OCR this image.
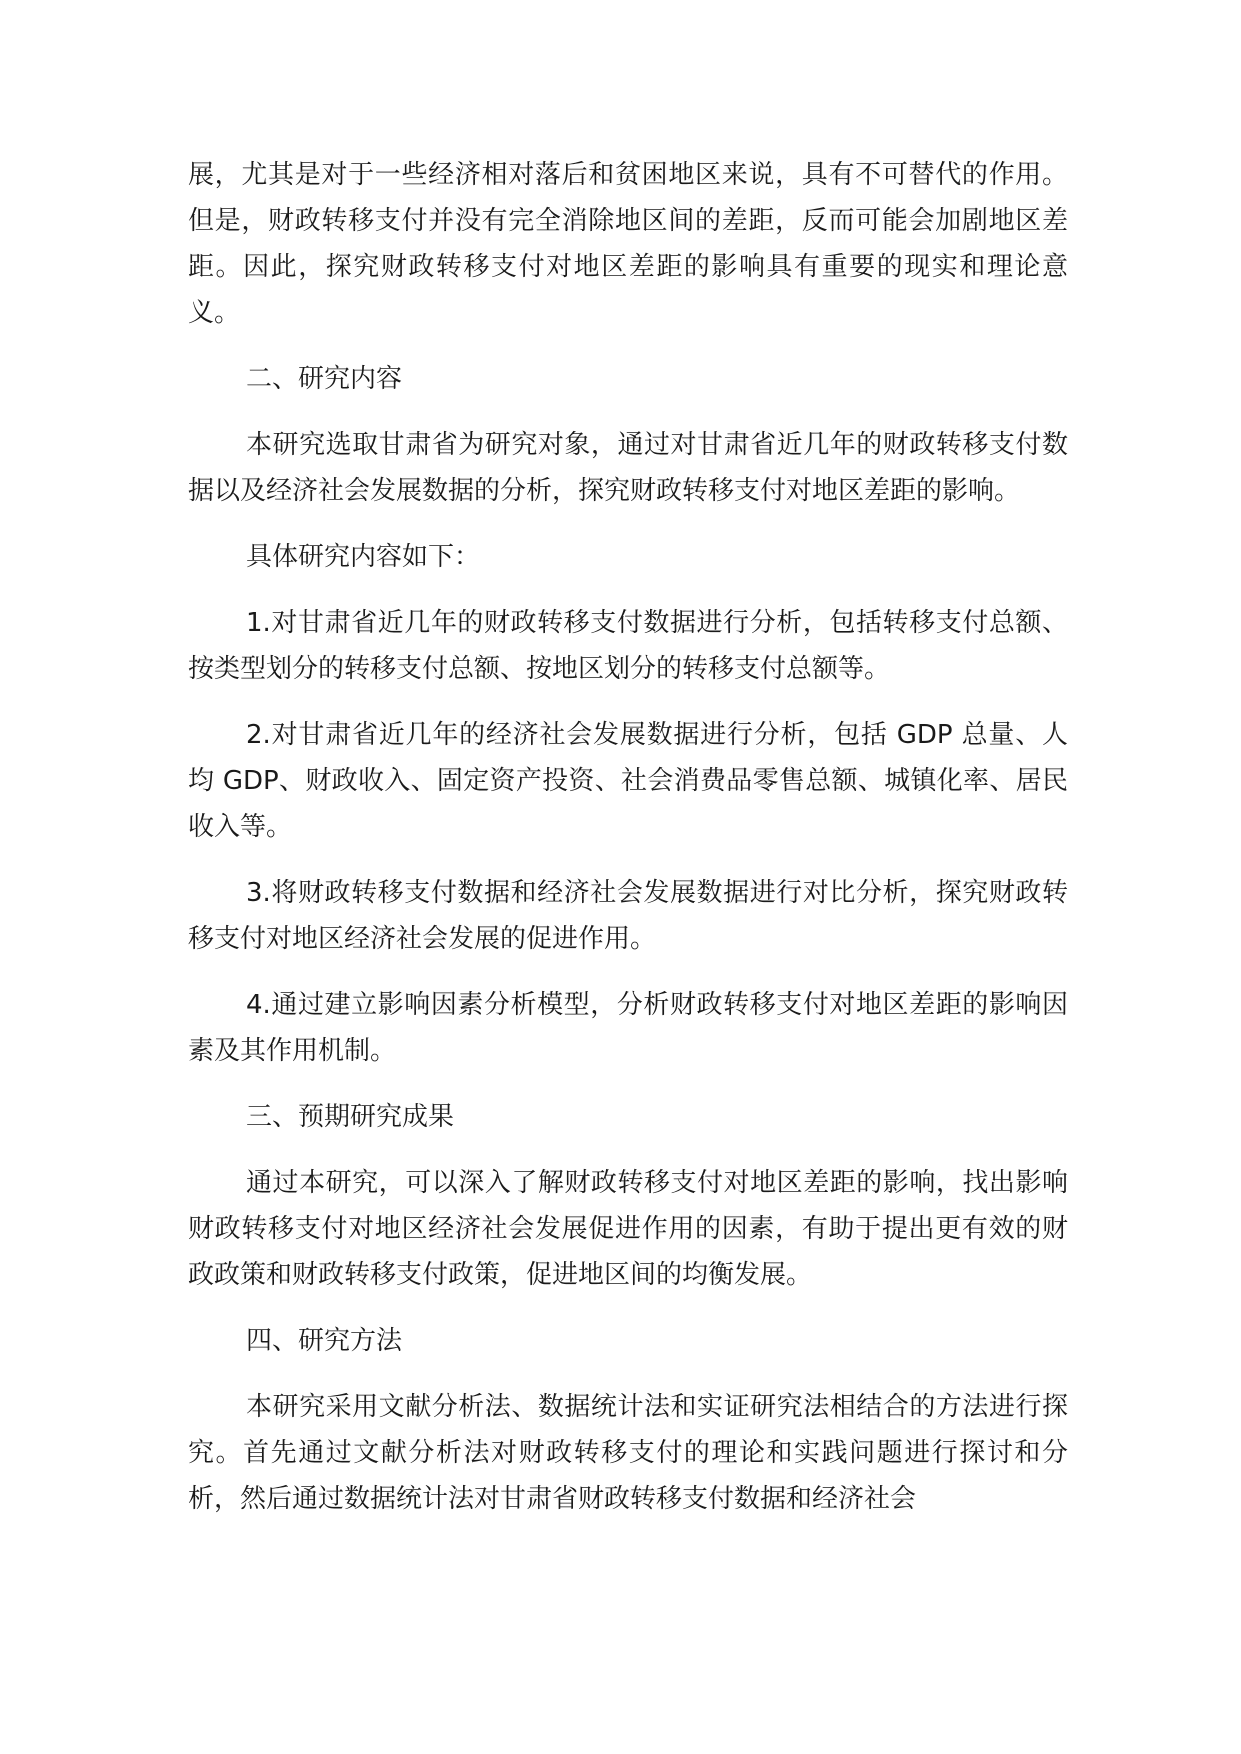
展，尤其是对于一些经济相对落后和贫困地区来说，具有不可替代的作用。但是，财政转移支付并没有完全消除地区间的差距，反而可能会加剧地区差距。因此，探究财政转移支付对地区差距的影响具有重要的现实和理论意义。

二、研究内容

本研究选取甘肃省为研究对象，通过对甘肃省近几年的财政转移支付数据以及经济社会发展数据的分析，探究财政转移支付对地区差距的影响。

具体研究内容如下：

1.对甘肃省近几年的财政转移支付数据进行分析，包括转移支付总额、按类型划分的转移支付总额、按地区划分的转移支付总额等。

2.对甘肃省近几年的经济社会发展数据进行分析，包括 GDP 总量、人均 GDP、财政收入、固定资产投资、社会消费品零售总额、城镇化率、居民收入等。

3.将财政转移支付数据和经济社会发展数据进行对比分析，探究财政转移支付对地区经济社会发展的促进作用。

4.通过建立影响因素分析模型，分析财政转移支付对地区差距的影响因素及其作用机制。

三、预期研究成果

通过本研究，可以深入了解财政转移支付对地区差距的影响，找出影响财政转移支付对地区经济社会发展促进作用的因素，有助于提出更有效的财政政策和财政转移支付政策，促进地区间的均衡发展。

四、研究方法

本研究采用文献分析法、数据统计法和实证研究法相结合的方法进行探究。首先通过文献分析法对财政转移支付的理论和实践问题进行探讨和分析，然后通过数据统计法对甘肃省财政转移支付数据和经济社会
